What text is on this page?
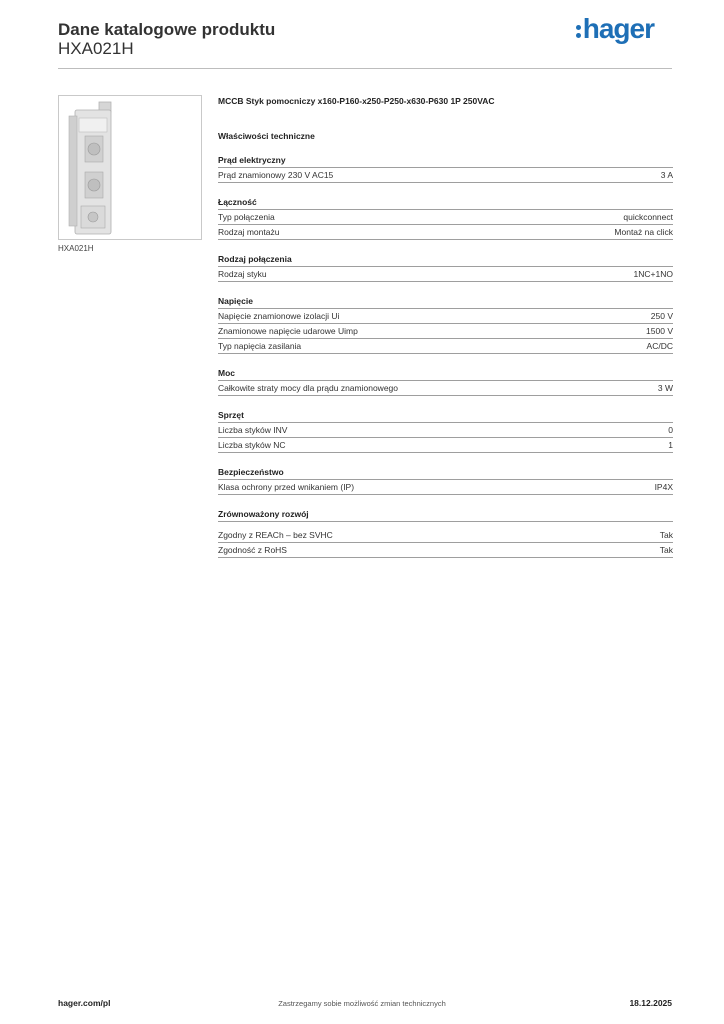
Dane katalogowe produktu
HXA021H
hager
HXA021H
MCCB Styk pomocniczy x160-P160-x250-P250-x630-P630 1P 250VAC
Właściwości techniczne
Prąd elektryczny
Prąd znamionowy 230 V AC15	3 A
Łączność
Typ połączenia	quickconnect
Rodzaj montażu	Montaż na click
Rodzaj połączenia
Rodzaj styku	1NC+1NO
Napięcie
Napięcie znamionowe izolacji Ui	250 V
Znamionowe napięcie udarowe Uimp	1500 V
Typ napięcia zasilania	AC/DC
Moc
Całkowite straty mocy dla prądu znamionowego	3 W
Sprzęt
Liczba styków INV	0
Liczba styków NC	1
Bezpieczeństwo
Klasa ochrony przed wnikaniem (IP)	IP4X
Zrównoważony rozwój
Zgodny z REACh – bez SVHC	Tak
Zgodność z RoHS	Tak
hager.com/pl	Zastrzegamy sobie możliwość zmian technicznych	18.12.2025
